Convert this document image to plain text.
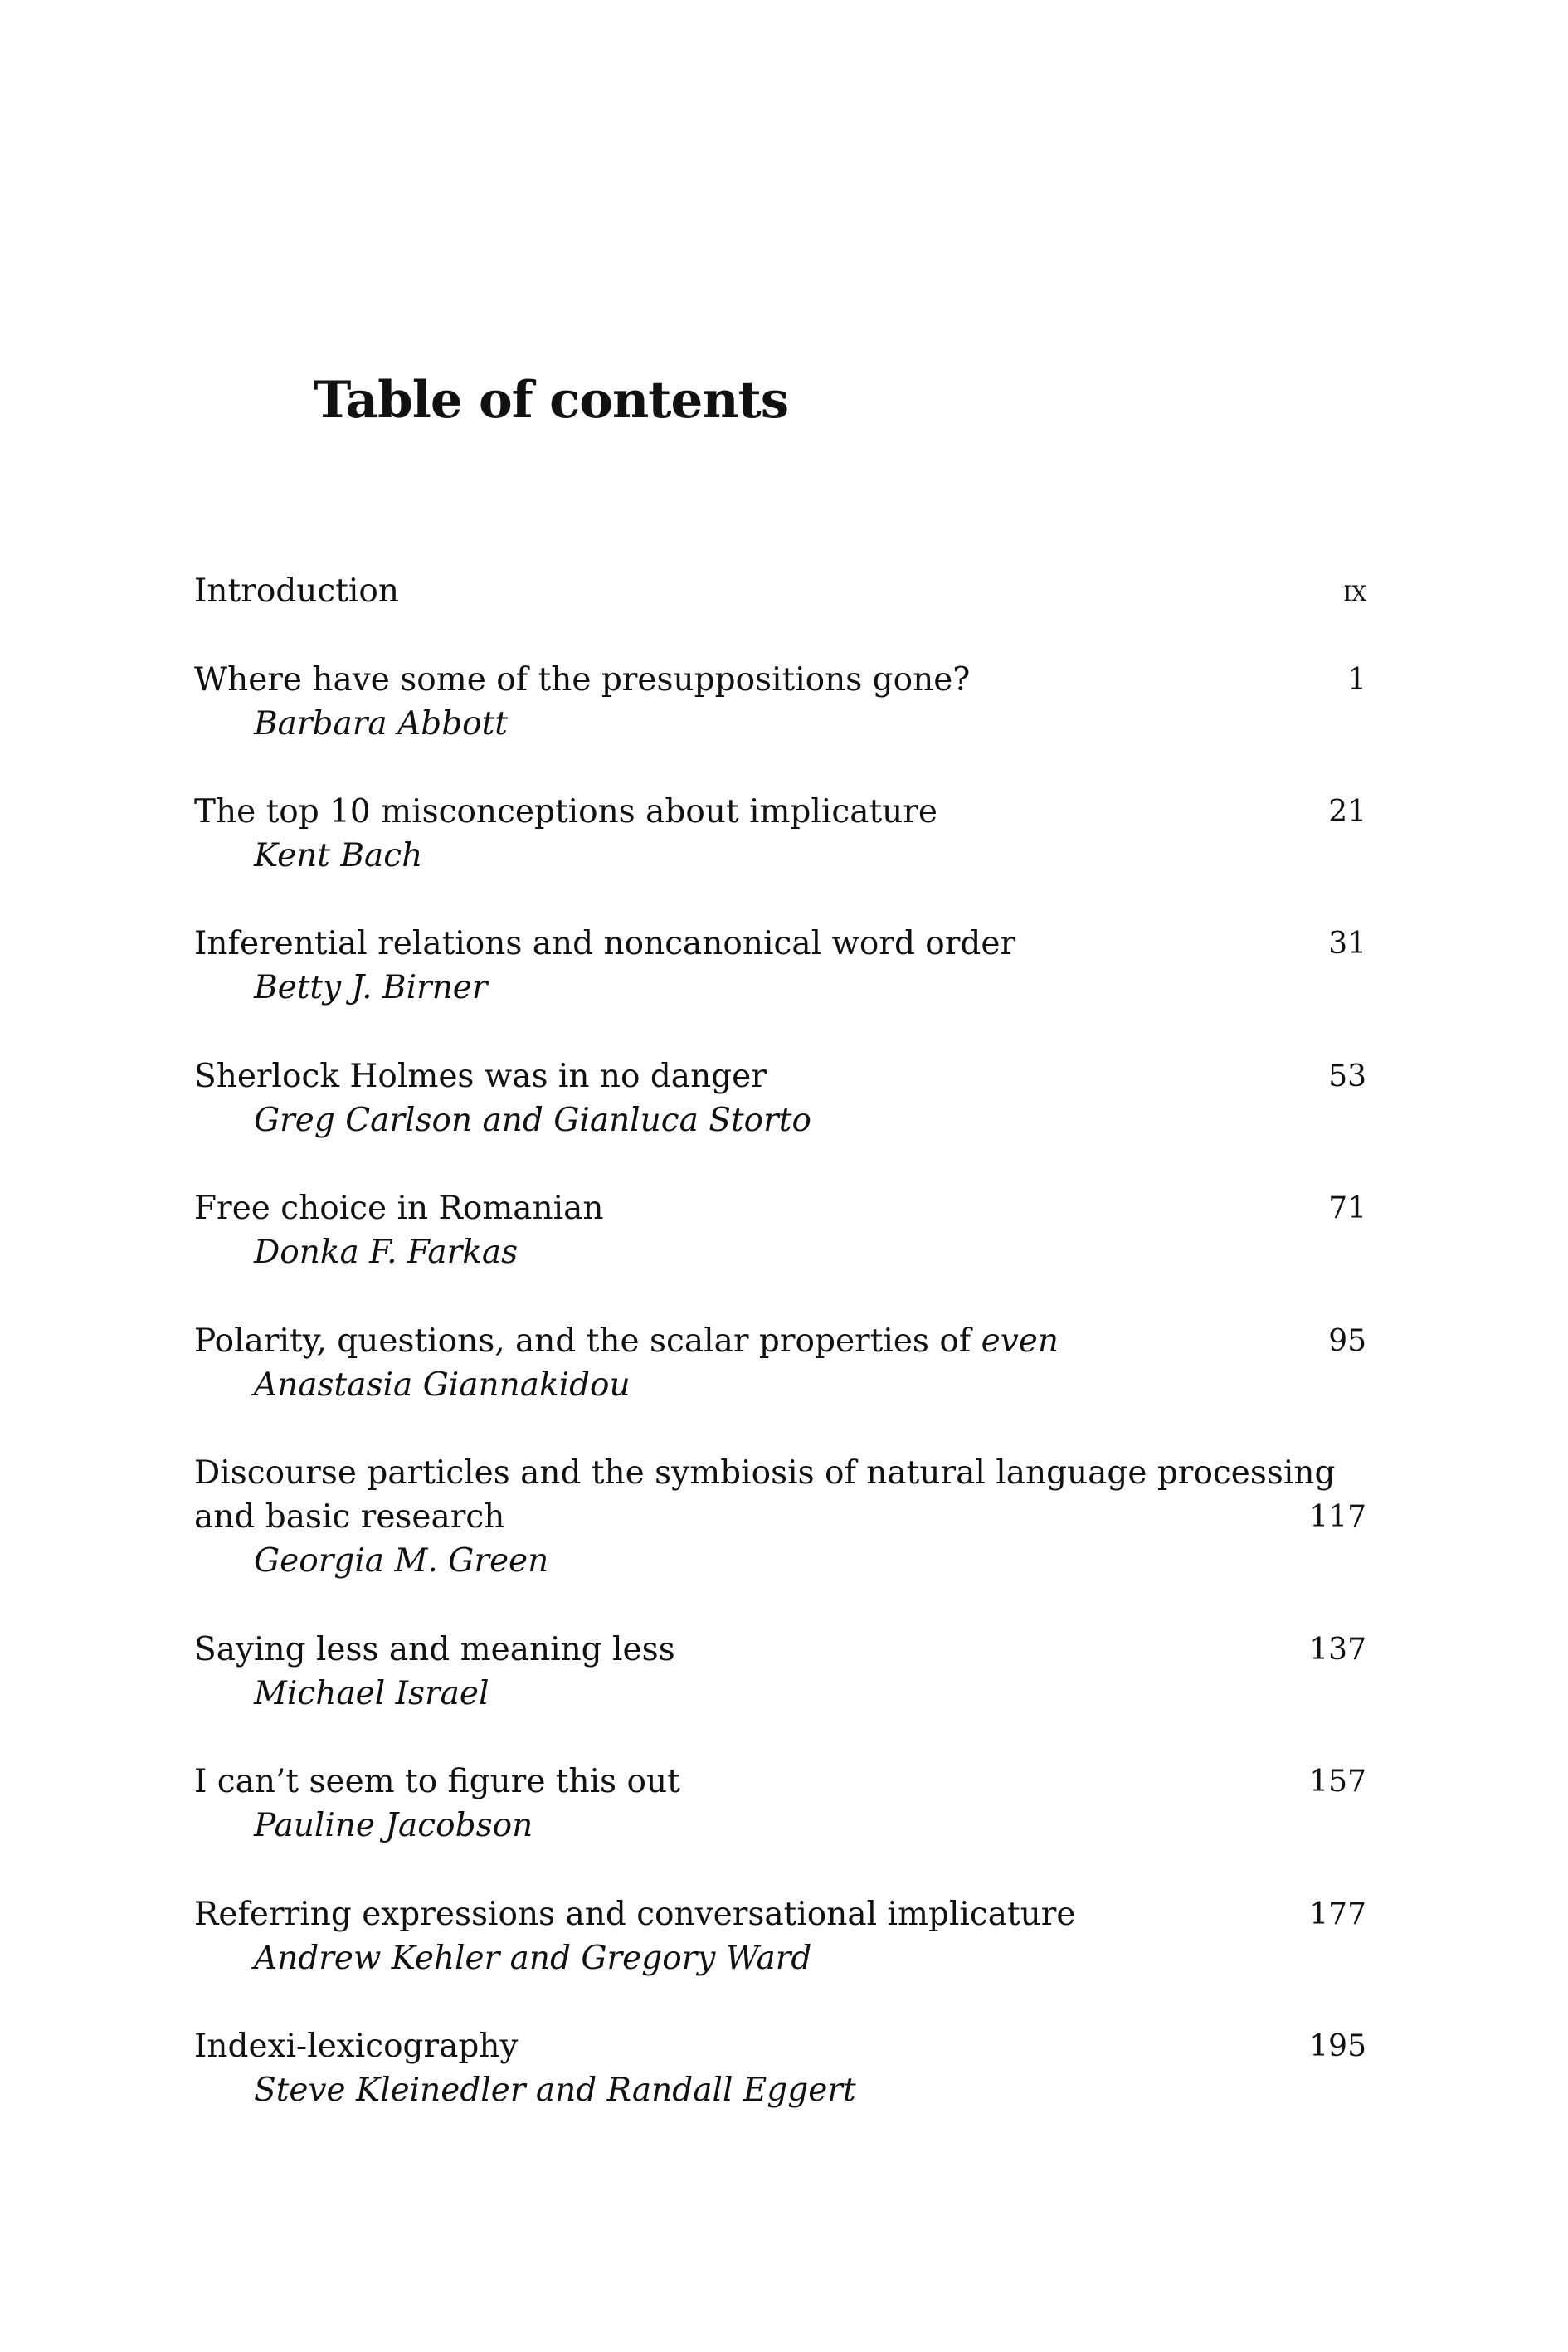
Table of contents
Introduction	ix
Where have some of the presuppositions gone?	1
Barbara Abbott
The top 10 misconceptions about implicature	21
Kent Bach
Inferential relations and noncanonical word order	31
Betty J. Birner
Sherlock Holmes was in no danger	53
Greg Carlson and Gianluca Storto
Free choice in Romanian	71
Donka F. Farkas
Polarity, questions, and the scalar properties of even	95
Anastasia Giannakidou
Discourse particles and the symbiosis of natural language processing
and basic research	117
Georgia M. Green
Saying less and meaning less	137
Michael Israel
I can’t seem to figure this out	157
Pauline Jacobson
Referring expressions and conversational implicature	177
Andrew Kehler and Gregory Ward
Indexi-lexicography	195
Steve Kleinedler and Randall Eggert
